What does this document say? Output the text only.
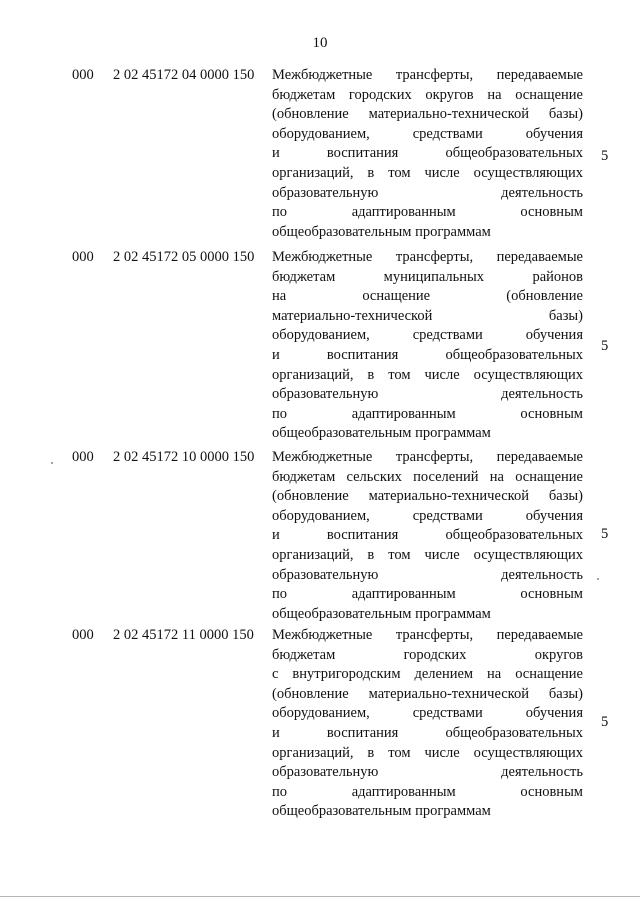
10
000 2 02 45172 04 0000 150 Межбюджетные трансферты, передаваемые
бюджетам городских округов на оснащение
(обновление материально-технической базы)
оборудованием, средствами обучения
и воспитания общеобразовательных
организаций, в том числе осуществляющих
образовательную деятельность
по адаптированным основным
общеобразовательным программам
5
000 2 02 45172 05 0000 150 Межбюджетные трансферты, передаваемые
бюджетам муниципальных районов
на оснащение (обновление
материально-технической базы)
оборудованием, средствами обучения
и воспитания общеобразовательных
организаций, в том числе осуществляющих
образовательную деятельность
по адаптированным основным
общеобразовательным программам
5
000 2 02 45172 10 0000 150 Межбюджетные трансферты, передаваемые
бюджетам сельских поселений на оснащение
(обновление материально-технической базы)
оборудованием, средствами обучения
и воспитания общеобразовательных
организаций, в том числе осуществляющих
образовательную деятельность
по адаптированным основным
общеобразовательным программам
5
000 2 02 45172 11 0000 150 Межбюджетные трансферты, передаваемые
бюджетам городских округов
с внутригородским делением на оснащение
(обновление материально-технической базы)
оборудованием, средствами обучения
и воспитания общеобразовательных
организаций, в том числе осуществляющих
образовательную деятельность
по адаптированным основным
общеобразовательным программам
5
